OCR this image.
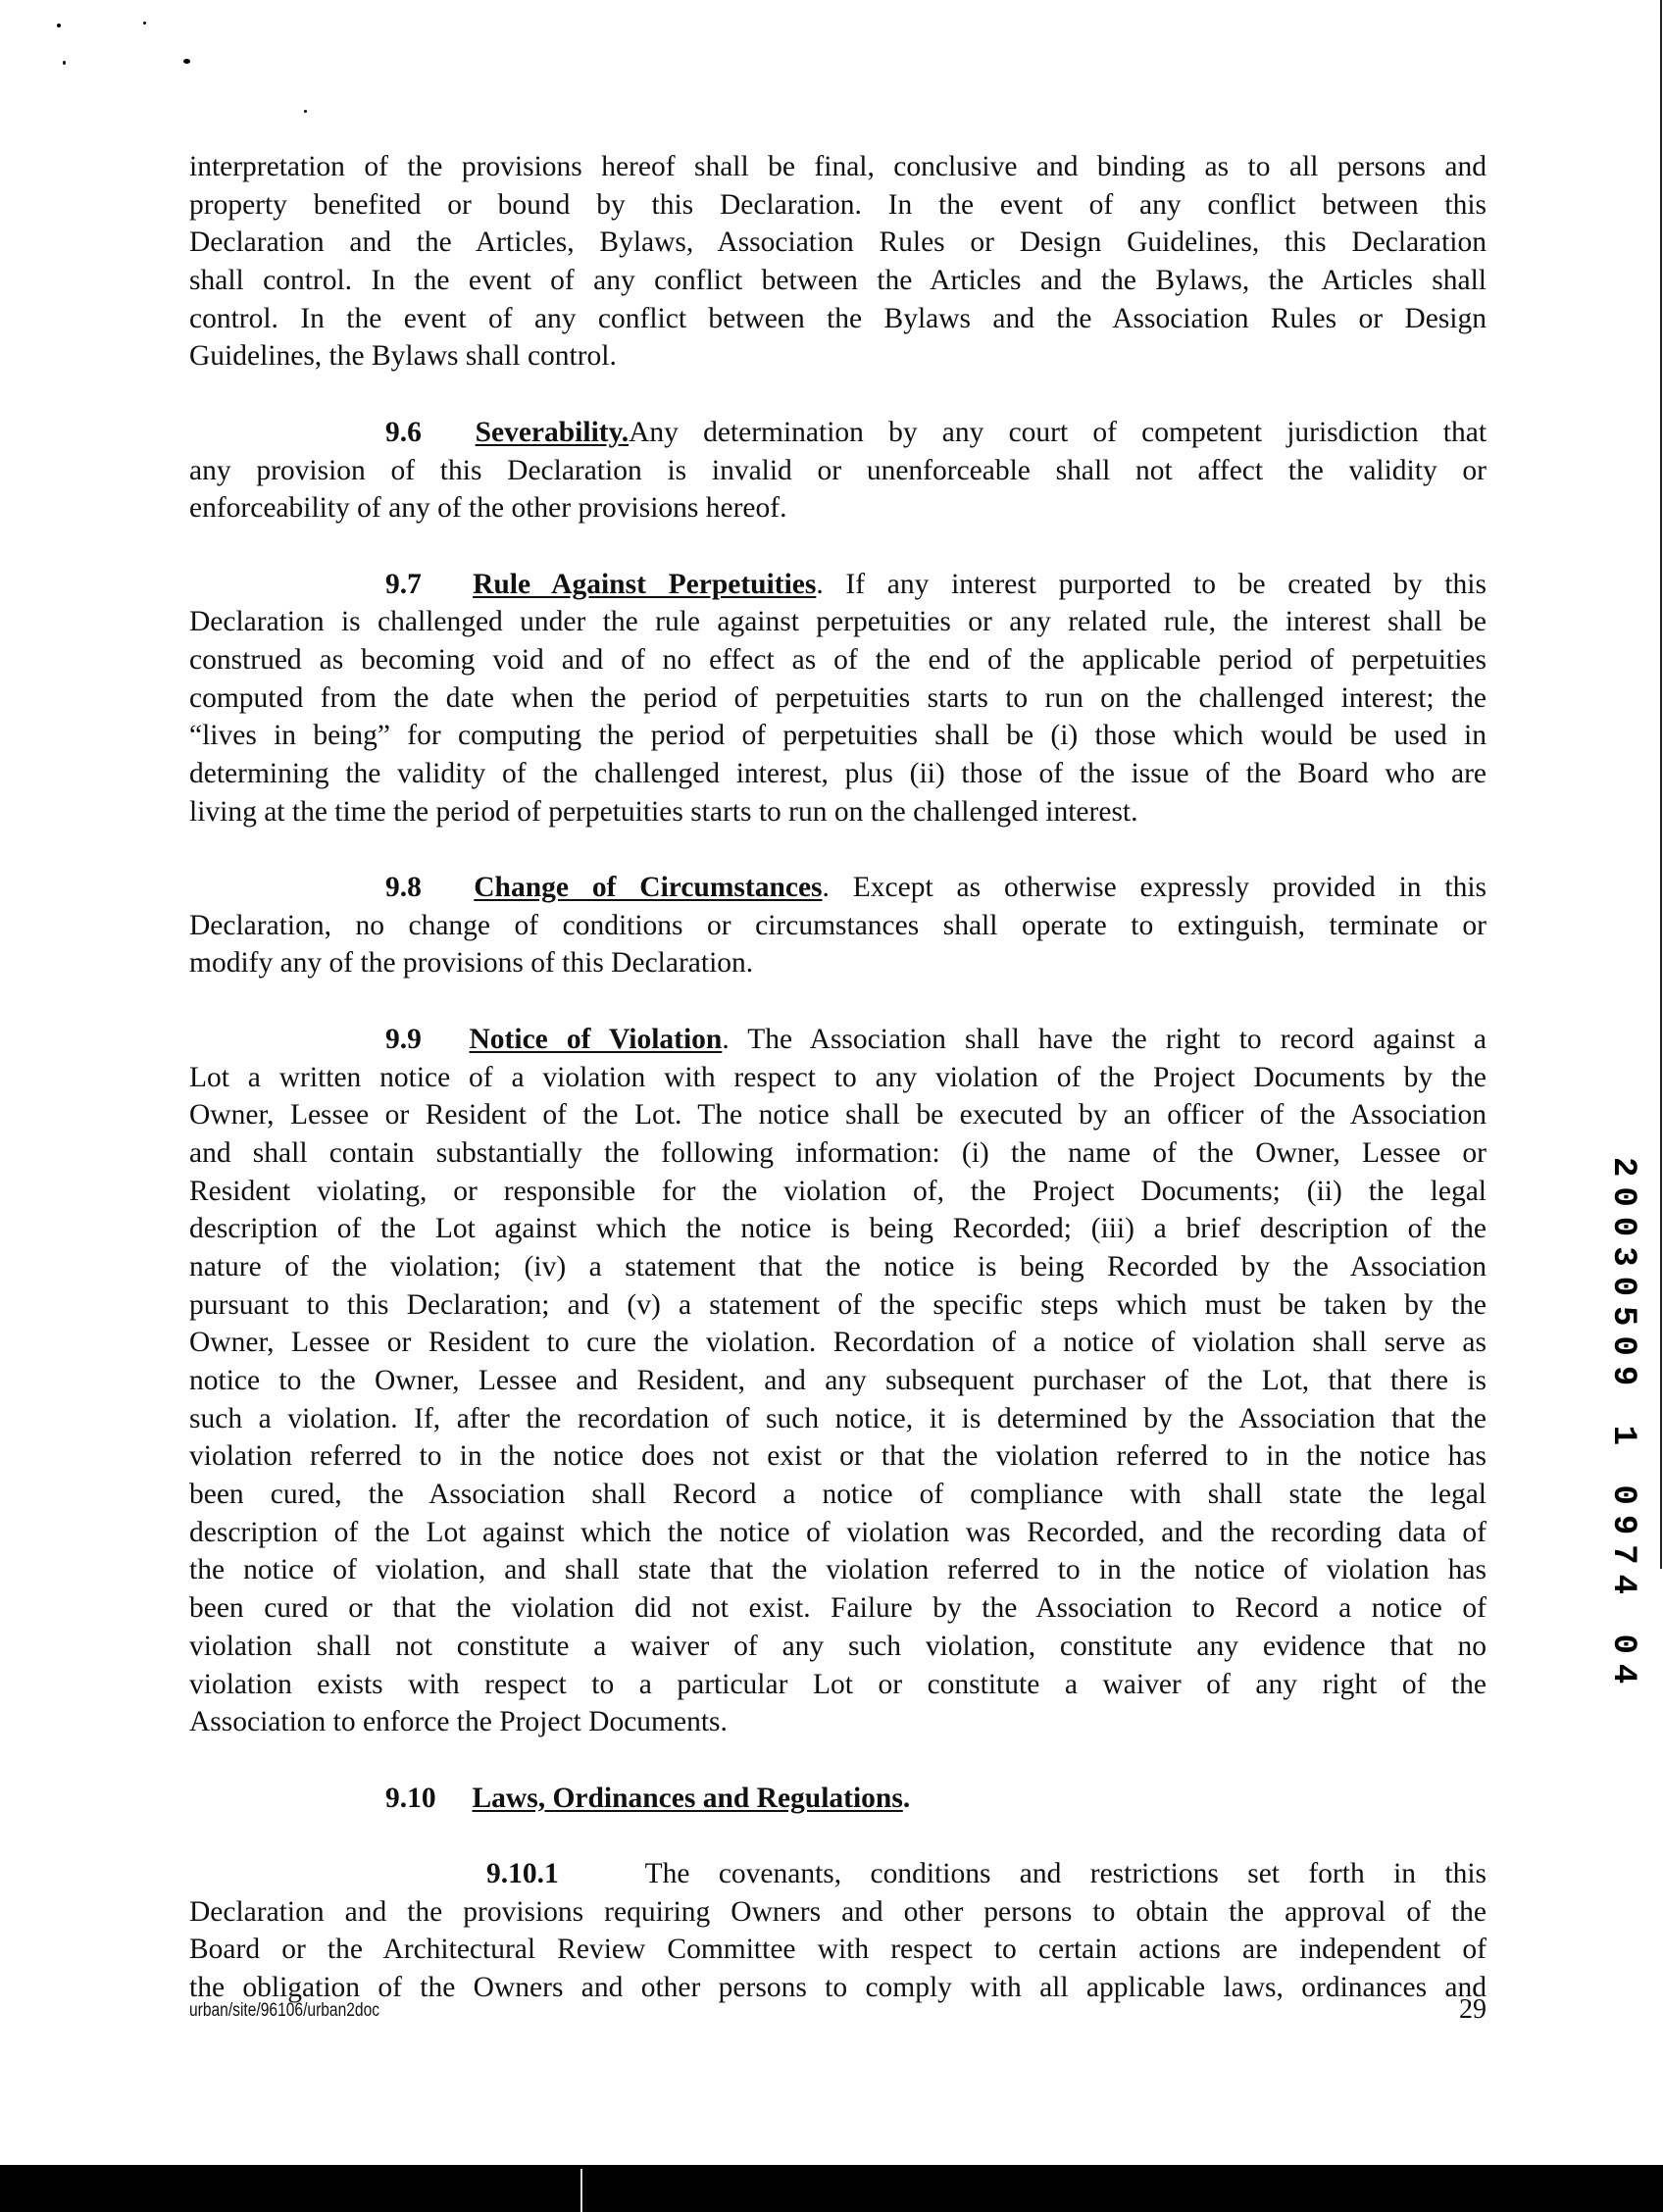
interpretation of the provisions hereof shall be final, conclusive and binding as to all persons and
property benefited or bound by this Declaration. In the event of any conflict between this
Declaration and the Articles, Bylaws, Association Rules or Design Guidelines, this Declaration
shall control. In the event of any conflict between the Articles and the Bylaws, the Articles shall
control. In the event of any conflict between the Bylaws and the Association Rules or Design
Guidelines, the Bylaws shall control.
9.6  Severability.Any determination by any court of competent jurisdiction that
any provision of this Declaration is invalid or unenforceable shall not affect the validity or
enforceability of any of the other provisions hereof.
9.7  Rule Against Perpetuities. If any interest purported to be created by this
Declaration is challenged under the rule against perpetuities or any related rule, the interest shall be
construed as becoming void and of no effect as of the end of the applicable period of perpetuities
computed from the date when the period of perpetuities starts to run on the challenged interest; the
“lives in being” for computing the period of perpetuities shall be (i) those which would be used in
determining the validity of the challenged interest, plus (ii) those of the issue of the Board who are
living at the time the period of perpetuities starts to run on the challenged interest.
9.8  Change of Circumstances. Except as otherwise expressly provided in this
Declaration, no change of conditions or circumstances shall operate to extinguish, terminate or
modify any of the provisions of this Declaration.
9.9  Notice of Violation. The Association shall have the right to record against a
Lot a written notice of a violation with respect to any violation of the Project Documents by the
Owner, Lessee or Resident of the Lot. The notice shall be executed by an officer of the Association
and shall contain substantially the following information: (i) the name of the Owner, Lessee or
Resident violating, or responsible for the violation of, the Project Documents; (ii) the legal
description of the Lot against which the notice is being Recorded; (iii) a brief description of the
nature of the violation; (iv) a statement that the notice is being Recorded by the Association
pursuant to this Declaration; and (v) a statement of the specific steps which must be taken by the
Owner, Lessee or Resident to cure the violation. Recordation of a notice of violation shall serve as
notice to the Owner, Lessee and Resident, and any subsequent purchaser of the Lot, that there is
such a violation. If, after the recordation of such notice, it is determined by the Association that the
violation referred to in the notice does not exist or that the violation referred to in the notice has
been cured, the Association shall Record a notice of compliance with shall state the legal
description of the Lot against which the notice of violation was Recorded, and the recording data of
the notice of violation, and shall state that the violation referred to in the notice of violation has
been cured or that the violation did not exist. Failure by the Association to Record a notice of
violation shall not constitute a waiver of any such violation, constitute any evidence that no
violation exists with respect to a particular Lot or constitute a waiver of any right of the
Association to enforce the Project Documents.
9.10  Laws, Ordinances and Regulations.
9.10.1  	The covenants, conditions and restrictions set forth in this
Declaration and the provisions requiring Owners and other persons to obtain the approval of the
Board or the Architectural Review Committee with respect to certain actions are independent of
the obligation of the Owners and other persons to comply with all applicable laws, ordinances and
urban/site/96106/urban2doc	29
20030509 1 0974 04
